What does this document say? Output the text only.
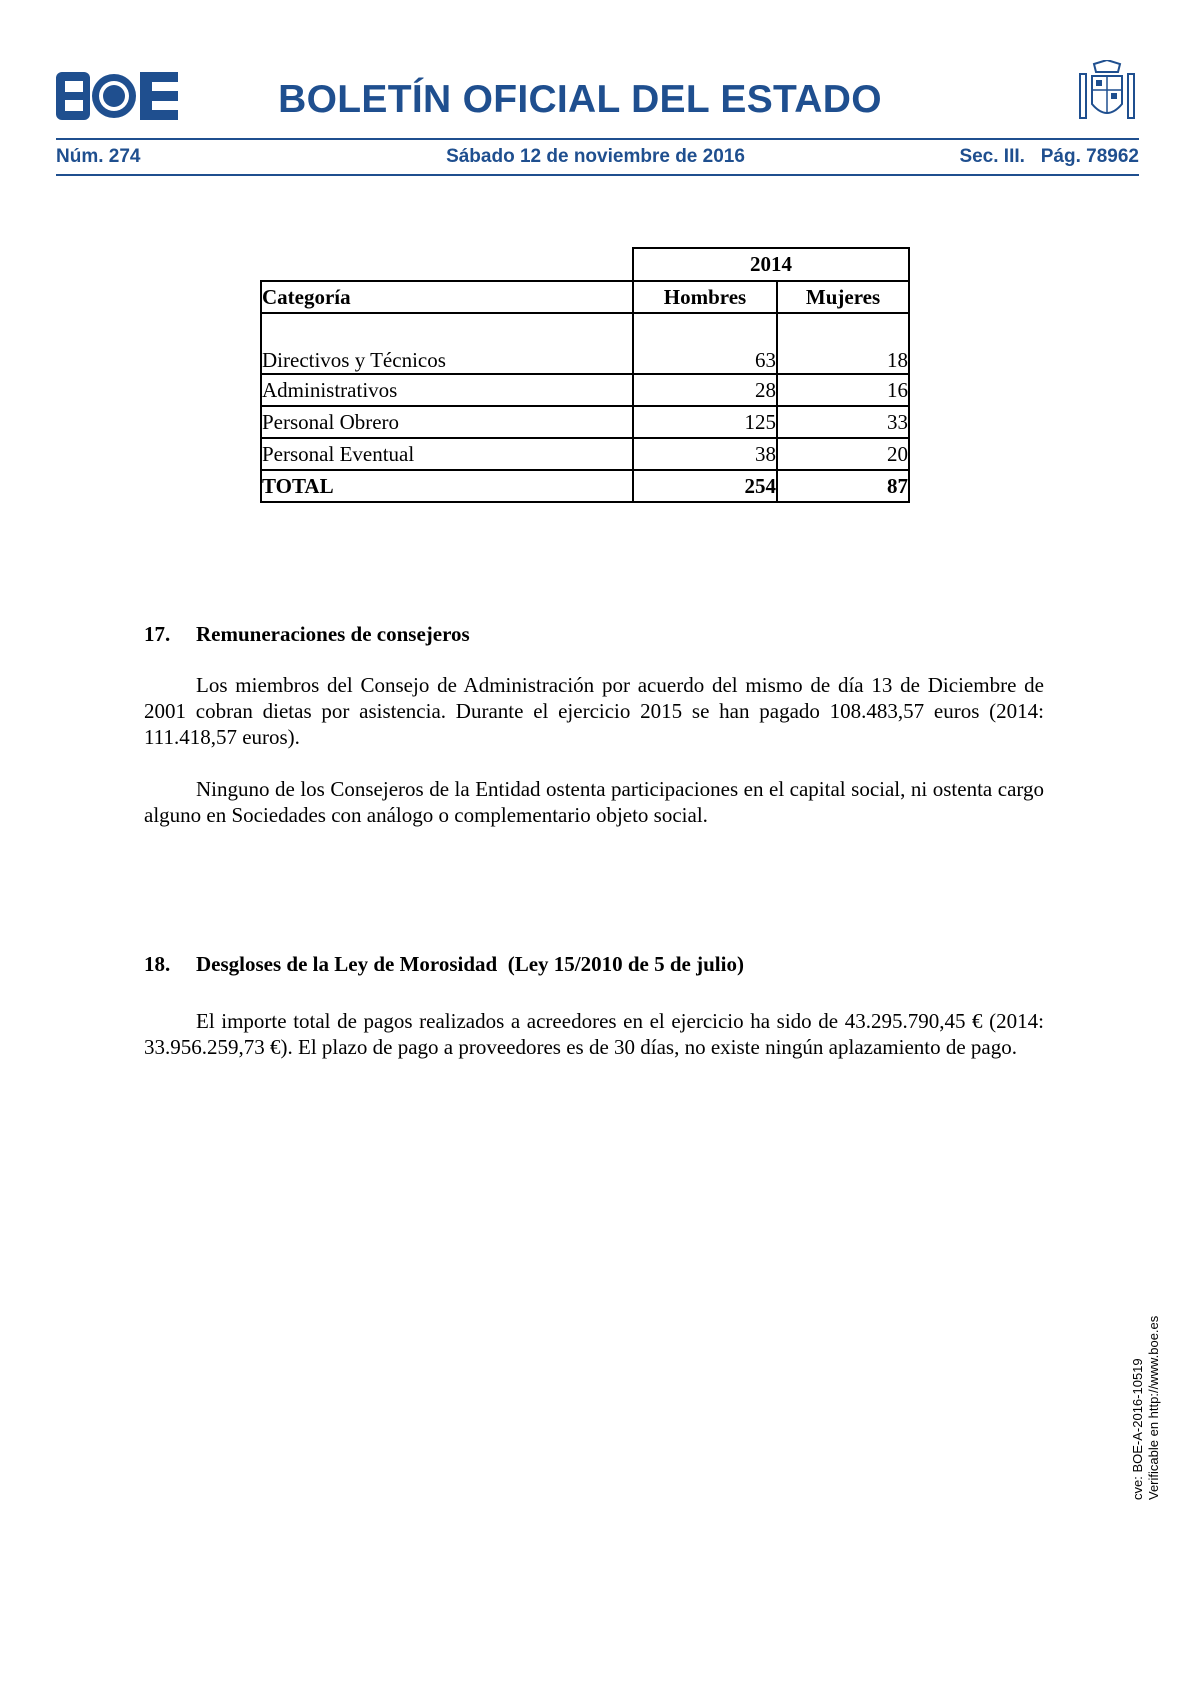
BOLETÍN OFICIAL DEL ESTADO
Núm. 274	Sábado 12 de noviembre de 2016	Sec. III.   Pág. 78962
	2014	
Categoría	Hombres	Mujeres
Directivos y Técnicos	63	18
Administrativos	28	16
Personal Obrero	125	33
Personal Eventual	38	20
TOTAL	254	87
17. Remuneraciones de consejeros

Los miembros del Consejo de Administración por acuerdo del mismo de día 13 de Diciembre de 2001 cobran dietas por asistencia. Durante el ejercicio 2015 se han pagado 108.483,57 euros (2014: 111.418,57 euros).

Ninguno de los Consejeros de la Entidad ostenta participaciones en el capital social, ni ostenta cargo alguno en Sociedades con análogo o complementario objeto social.

18. Desgloses de la Ley de Morosidad  (Ley 15/2010 de 5 de julio)

El importe total de pagos realizados a acreedores en el ejercicio ha sido de 43.295.790,45 € (2014: 33.956.259,73 €). El plazo de pago a proveedores es de 30 días, no existe ningún aplazamiento de pago.

cve: BOE-A-2016-10519 Verificable en http://www.boe.es
